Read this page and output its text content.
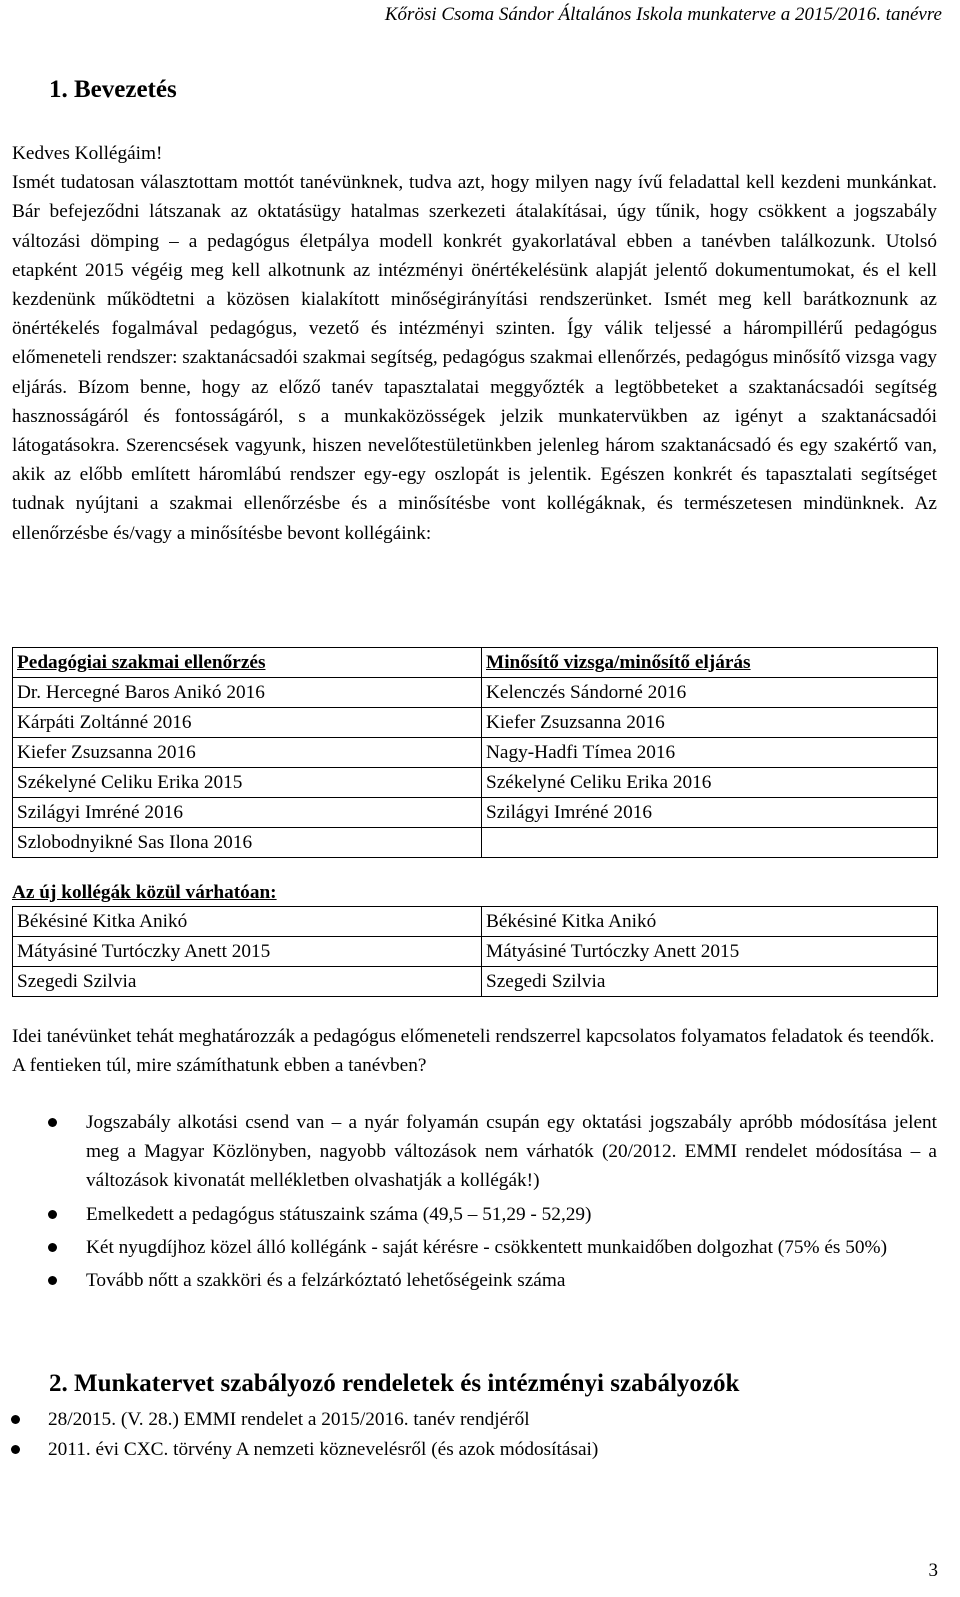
Kőrösi Csoma Sándor Általános Iskola munkaterve a 2015/2016. tanévre
1. Bevezetés

Kedves Kollégáim!

Ismét tudatosan választottam mottót tanévünknek, tudva azt, hogy milyen nagy ívű feladattal kell kezdeni munkánkat. Bár befejeződni látszanak az oktatásügy hatalmas szerkezeti átalakításai, úgy tűnik, hogy csökkent a jogszabály változási dömping – a pedagógus életpálya modell konkrét gyakorlatával ebben a tanévben találkozunk. Utolsó etapként 2015 végéig meg kell alkotnunk az intézményi önértékelésünk alapját jelentő dokumentumokat, és el kell kezdenünk működtetni a közösen kialakított minőségirányítási rendszerünket. Ismét meg kell barátkoznunk az önértékelés fogalmával pedagógus, vezető és intézményi szinten. Így válik teljessé a hárompillérű pedagógus előmeneteli rendszer: szaktanácsadói szakmai segítség, pedagógus szakmai ellenőrzés, pedagógus minősítő vizsga vagy eljárás. Bízom benne, hogy az előző tanév tapasztalatai meggyőzték a legtöbbeteket a szaktanácsadói segítség hasznosságáról és fontosságáról, s a munkaközösségek jelzik munkatervükben az igényt a szaktanácsadói látogatásokra. Szerencsések vagyunk, hiszen nevelőtestületünkben jelenleg három szaktanácsadó és egy szakértő van, akik az előbb említett háromlábú rendszer egy-egy oszlopát is jelentik. Egészen konkrét és tapasztalati segítséget tudnak nyújtani a szakmai ellenőrzésbe és a minősítésbe vont kollégáknak, és természetesen mindünknek. Az ellenőrzésbe és/vagy a minősítésbe bevont kollégáink:

Pedagógiai szakmai ellenőrzés	Minősítő vizsga/minősítő eljárás
Dr. Hercegné Baros Anikó 2016	Kelenczés Sándorné 2016
Kárpáti Zoltánné 2016	Kiefer Zsuzsanna 2016
Kiefer Zsuzsanna 2016	Nagy-Hadfi Tímea 2016
Székelyné Celiku Erika 2015	Székelyné Celiku Erika 2016
Szilágyi Imréné 2016	Szilágyi Imréné 2016
Szlobodnyikné Sas Ilona 2016	
Az új kollégák közül várhatóan:
Békésiné Kitka Anikó	Békésiné Kitka Anikó
Mátyásiné Turtóczky Anett 2015	Mátyásiné Turtóczky Anett 2015
Szegedi Szilvia	Szegedi Szilvia

Idei tanévünket tehát meghatározzák a pedagógus előmeneteli rendszerrel kapcsolatos folyamatos feladatok és teendők.

A fentieken túl, mire számíthatunk ebben a tanévben?

Jogszabály alkotási csend van – a nyár folyamán csupán egy oktatási jogszabály apróbb módosítása jelent meg a Magyar Közlönyben, nagyobb változások nem várhatók (20/2012. EMMI rendelet módosítása – a változások kivonatát mellékletben olvashatják a kollégák!)
Emelkedett a pedagógus státuszaink száma (49,5 – 51,29 - 52,29)
Két nyugdíjhoz közel álló kollégánk - saját kérésre - csökkentett munkaidőben dolgozhat (75% és 50%)
Tovább nőtt a szakköri és a felzárkóztató lehetőségeink száma
2. Munkatervet szabályozó rendeletek és intézményi szabályozók
28/2015. (V. 28.) EMMI rendelet a 2015/2016. tanév rendjéről
2011. évi CXC. törvény A nemzeti köznevelésről (és azok módosításai)
3
